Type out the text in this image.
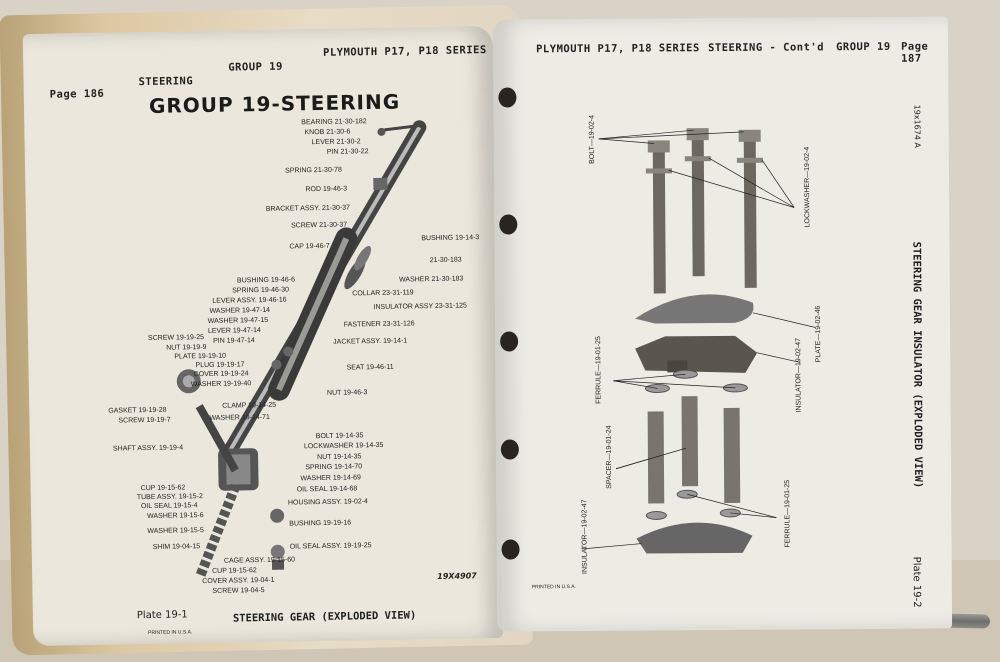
Page 186
STEERING
GROUP 19
PLYMOUTH P17, P18 SERIES
GROUP 19-STEERING
BEARING 21-30-182
KNOB 21-30-6
LEVER 21-30-2
PIN 21-30-22
SPRING 21-30-78
ROD 19-46-3
BRACKET ASSY. 21-30-37
SCREW 21-30-37
CAP 19-46-7
BUSHING 19-14-3
21-30-183
WASHER 21-30-183
COLLAR 23-31-119
INSULATOR ASSY 23-31-125
FASTENER 23-31-126
JACKET ASSY. 19-14-1
SEAT 19-46-11
NUT 19-46-3
BUSHING 19-46-6
SPRING 19-46-30
LEVER ASSY. 19-46-16
WASHER 19-47-14
WASHER 19-47-15
LEVER 19-47-14
PIN 19-47-14
SCREW 19-19-25
NUT 19-19-9
PLATE 19-19-10
PLUG 19-19-17
COVER 19-19-24
WASHER 19-19-40
GASKET 19-19-28
SCREW 19-19-7
SHAFT ASSY. 19-19-4
CLAMP 19-14-25
WASHER 19-14-71
BOLT 19-14-35
LOCKWASHER 19-14-35
NUT 19-14-35
SPRING 19-14-70
WASHER 19-14-69
OIL SEAL 19-14-68
HOUSING ASSY. 19-02-4
CUP 19-15-62
TUBE ASSY. 19-15-2
OIL SEAL 19-15-4
WASHER 19-15-6
WASHER 19-15-5
SHIM 19-04-15
BUSHING 19-19-16
OIL SEAL ASSY. 19-19-25
CAGE ASSY. 19-15-60
CUP 19-15-62
COVER ASSY. 19-04-1
SCREW 19-04-5
19X4907
Plate 19-1	STEERING GEAR (EXPLODED VIEW)
PRINTED IN U.S.A.
PLYMOUTH P17, P18 SERIES STEERING - Cont'd GROUP 19 Page 187
BOLT—19-02-4
LOCKWASHER—19-02-4
PLATE—19-02-46
INSULATOR—19-02-47
FERRULE—19-01-25
SPACER—19-01-24
FERRULE—19-01-25
INSULATOR—19-02-47
STEERING GEAR INSULATOR (EXPLODED VIEW)
Plate 19-2
19x1674 A
PRINTED IN U.S.A.
